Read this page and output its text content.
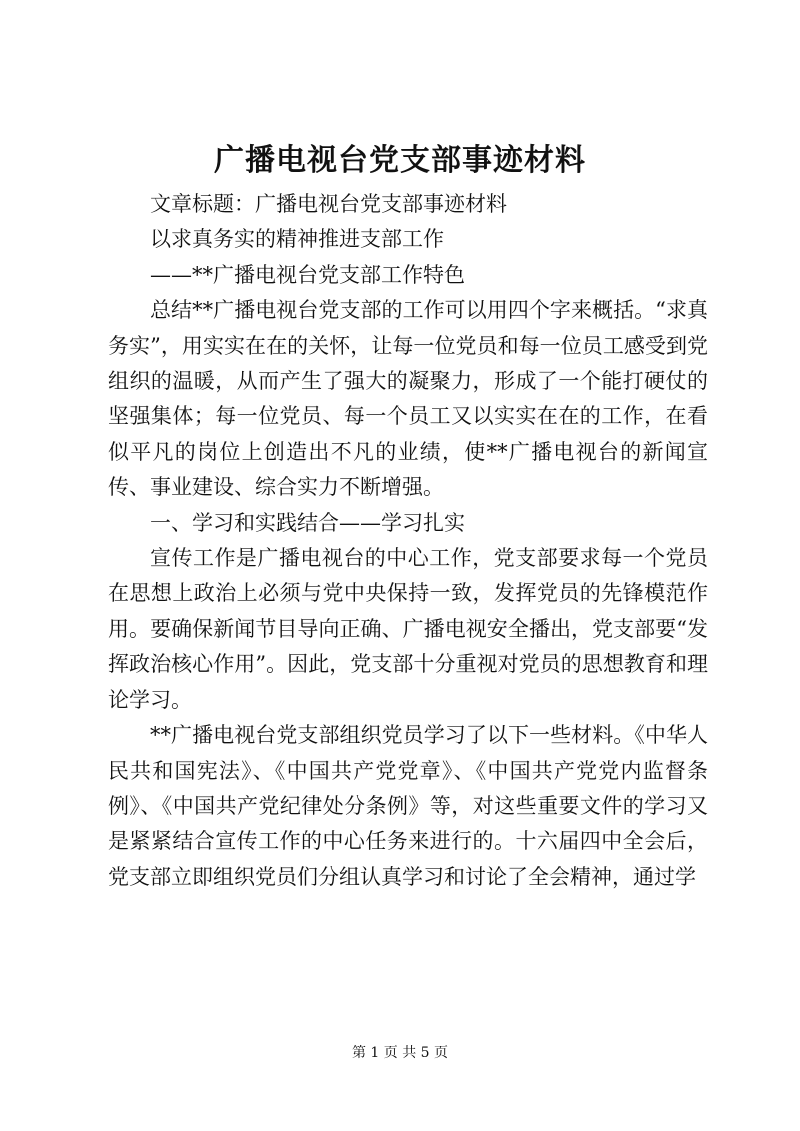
广播电视台党支部事迹材料

文章标题：广播电视台党支部事迹材料

以求真务实的精神推进支部工作

——**广播电视台党支部工作特色

总结**广播电视台党支部的工作可以用四个字来概括。“求真务实”，用实实在在的关怀，让每一位党员和每一位员工感受到党组织的温暖，从而产生了强大的凝聚力，形成了一个能打硬仗的坚强集体；每一位党员、每一个员工又以实实在在的工作，在看似平凡的岗位上创造出不凡的业绩，使**广播电视台的新闻宣传、事业建设、综合实力不断增强。

一、学习和实践结合——学习扎实

宣传工作是广播电视台的中心工作，党支部要求每一个党员在思想上政治上必须与党中央保持一致，发挥党员的先锋模范作用。要确保新闻节目导向正确、广播电视安全播出，党支部要“发挥政治核心作用”。因此，党支部十分重视对党员的思想教育和理论学习。

**广播电视台党支部组织党员学习了以下一些材料。《中华人民共和国宪法》、《中国共产党党章》、《中国共产党党内监督条例》、《中国共产党纪律处分条例》等，对这些重要文件的学习又是紧紧结合宣传工作的中心任务来进行的。十六届四中全会后，党支部立即组织党员们分组认真学习和讨论了全会精神，通过学

第 1 页 共 5 页
